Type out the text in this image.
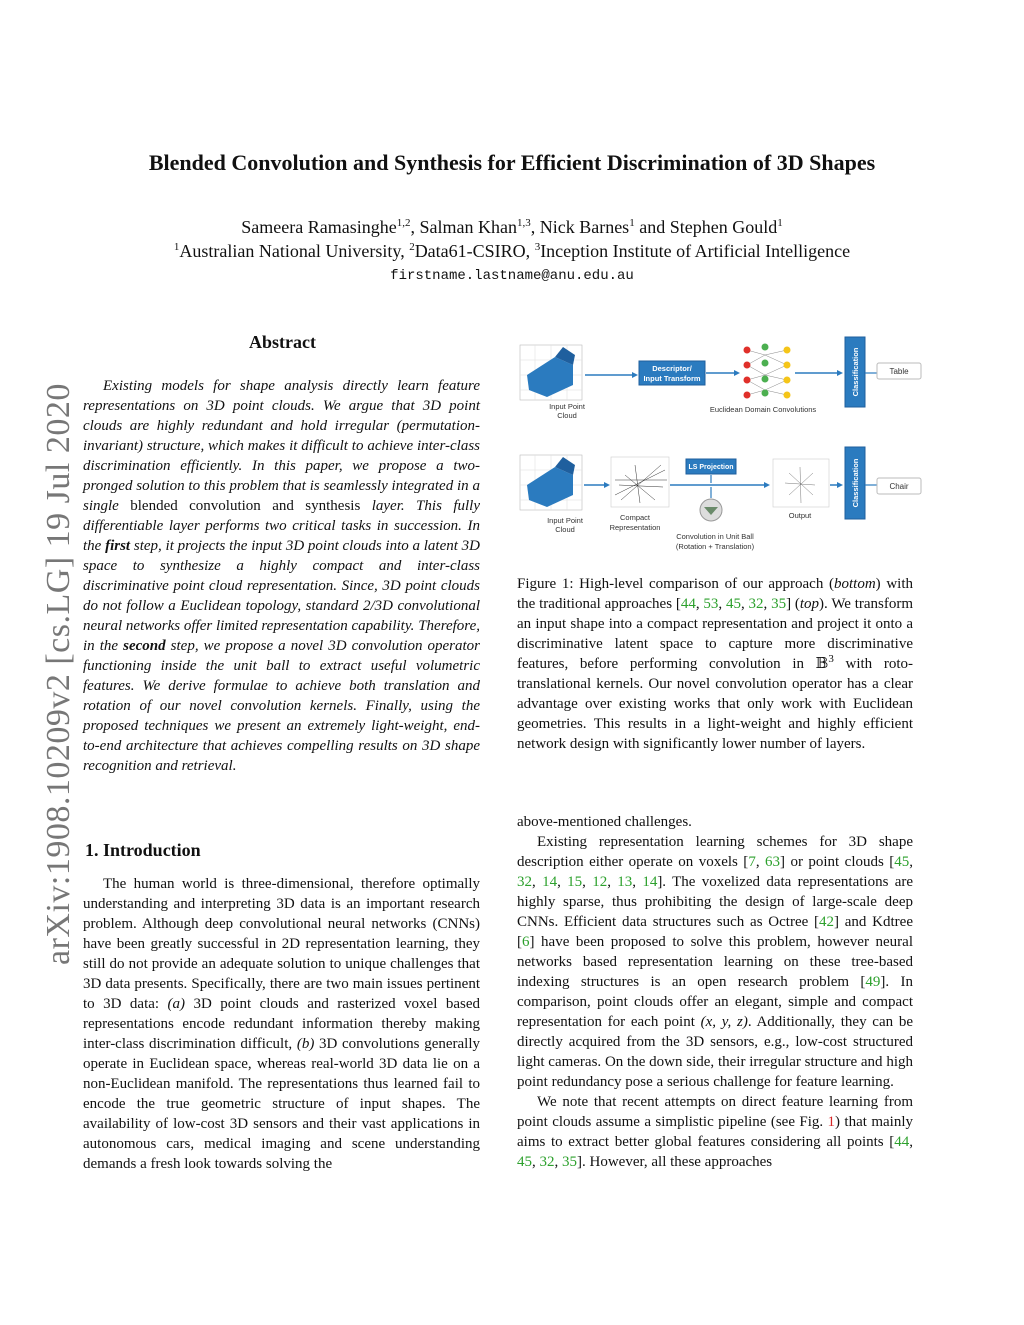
arXiv:1908.10209v2 [cs.LG] 19 Jul 2020
Blended Convolution and Synthesis for Efficient Discrimination of 3D Shapes
Sameera Ramasinghe$^{1,2}$, Salman Khan$^{1,3}$, Nick Barnes$^1$ and Stephen Gould$^1$
$^1$Australian National University, $^2$Data61-CSIRO, $^3$Inception Institute of Artificial Intelligence
firstname.lastname@anu.edu.au
Abstract
Existing models for shape analysis directly learn feature representations on 3D point clouds. We argue that 3D point clouds are highly redundant and hold irregular (permutation-invariant) structure, which makes it difficult to achieve inter-class discrimination efficiently. In this paper, we propose a two-pronged solution to this problem that is seamlessly integrated in a single blended convolution and synthesis layer. This fully differentiable layer performs two critical tasks in succession. In the first step, it projects the input 3D point clouds into a latent 3D space to synthesize a highly compact and inter-class discriminative point cloud representation. Since, 3D point clouds do not follow a Euclidean topology, standard 2/3D convolutional neural networks offer limited representation capability. Therefore, in the second step, we propose a novel 3D convolution operator functioning inside the unit ball to extract useful volumetric features. We derive formulae to achieve both translation and rotation of our novel convolution kernels. Finally, using the proposed techniques we present an extremely light-weight, end-to-end architecture that achieves compelling results on 3D shape recognition and retrieval.
1. Introduction
The human world is three-dimensional, therefore optimally understanding and interpreting 3D data is an important research problem. Although deep convolutional neural networks (CNNs) have been greatly successful in 2D representation learning, they still do not provide an adequate solution to unique challenges that 3D data presents. Specifically, there are two main issues pertinent to 3D data: (a) 3D point clouds and rasterized voxel based representations encode redundant information thereby making inter-class discrimination difficult, (b) 3D convolutions generally operate in Euclidean space, whereas real-world 3D data lie on a non-Euclidean manifold. The representations thus learned fail to encode the true geometric structure of input shapes. The availability of low-cost 3D sensors and their vast applications in autonomous cars, medical imaging and scene understanding demands a fresh look towards solving the
Input Point
Cloud
Descriptor/
Input Transform
Euclidean Domain Convolutions
Classification	Table
Input Point
Cloud
Compact
Representation
LS Projection
Convolution in Unit Ball
(Rotation + Translation)
Output
Classification	Chair
Figure 1: High-level comparison of our approach (bottom) with the traditional approaches [44, 53, 45, 32, 35] (top). We transform an input shape into a compact representation and project it onto a discriminative latent space to capture more discriminative features, before performing convolution in 𝔹$^3$ with roto-translational kernels. Our novel convolution operator has a clear advantage over existing works that only work with Euclidean geometries. This results in a light-weight and highly efficient network design with significantly lower number of layers.

above-mentioned challenges.

Existing representation learning schemes for 3D shape description either operate on voxels [7, 63] or point clouds [45, 32, 14, 15, 12, 13, 14]. The voxelized data representations are highly sparse, thus prohibiting the design of large-scale deep CNNs. Efficient data structures such as Octree [42] and Kdtree [6] have been proposed to solve this problem, however neural networks based representation learning on these tree-based indexing structures is an open research problem [49]. In comparison, point clouds offer an elegant, simple and compact representation for each point (x, y, z). Additionally, they can be directly acquired from the 3D sensors, e.g., low-cost structured light cameras. On the down side, their irregular structure and high point redundancy pose a serious challenge for feature learning.

We note that recent attempts on direct feature learning from point clouds assume a simplistic pipeline (see Fig. 1) that mainly aims to extract better global features considering all points [44, 45, 32, 35]. However, all these approaches
